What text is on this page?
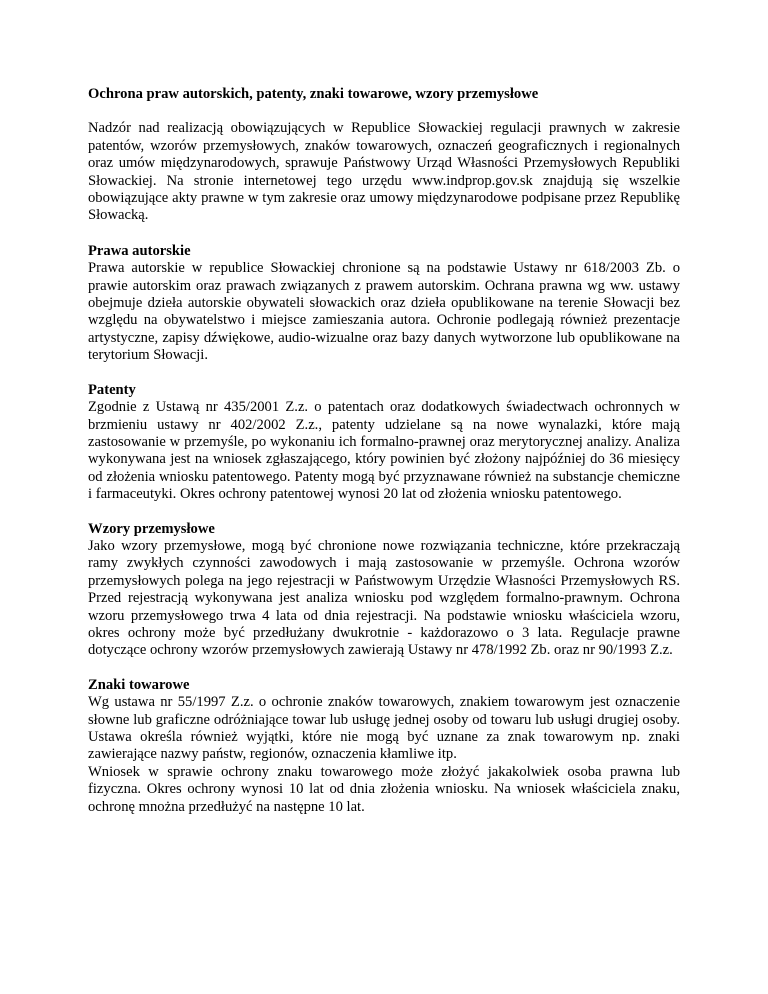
Ochrona praw autorskich, patenty, znaki towarowe, wzory przemysłowe
Nadzór nad realizacją obowiązujących w Republice Słowackiej regulacji prawnych w zakresie patentów, wzorów przemysłowych, znaków towarowych, oznaczeń geograficznych i regionalnych oraz umów międzynarodowych, sprawuje Państwowy Urząd Własności Przemysłowych Republiki Słowackiej. Na stronie internetowej tego urzędu www.indprop.gov.sk znajdują się wszelkie obowiązujące akty prawne w tym zakresie oraz umowy międzynarodowe podpisane przez Republikę Słowacką.
Prawa autorskie
Prawa autorskie w republice Słowackiej chronione są na podstawie Ustawy nr 618/2003 Zb. o prawie autorskim oraz prawach związanych z prawem autorskim. Ochrana prawna wg ww. ustawy obejmuje dzieła autorskie obywateli słowackich oraz dzieła opublikowane na terenie Słowacji bez względu na obywatelstwo i miejsce zamieszania autora. Ochronie podlegają również prezentacje artystyczne, zapisy dźwiękowe, audio-wizualne oraz bazy danych wytworzone lub opublikowane na terytorium Słowacji.
Patenty
Zgodnie z Ustawą nr 435/2001 Z.z. o patentach oraz dodatkowych świadectwach ochronnych w brzmieniu ustawy nr 402/2002 Z.z., patenty udzielane są na nowe wynalazki, które mają zastosowanie w przemyśle, po wykonaniu ich formalno-prawnej oraz merytorycznej analizy. Analiza wykonywana jest na wniosek zgłaszającego, który powinien być złożony najpóźniej do 36 miesięcy od złożenia wniosku patentowego. Patenty mogą być przyznawane również na substancje chemiczne i farmaceutyki. Okres ochrony patentowej wynosi 20 lat od złożenia wniosku patentowego.
Wzory przemysłowe
Jako wzory przemysłowe, mogą być chronione nowe rozwiązania techniczne, które przekraczają ramy zwykłych czynności zawodowych i mają zastosowanie w przemyśle. Ochrona wzorów przemysłowych polega na jego rejestracji w Państwowym Urzędzie Własności Przemysłowych RS. Przed rejestracją wykonywana jest analiza wniosku pod względem formalno-prawnym. Ochrona wzoru przemysłowego trwa 4 lata od dnia rejestracji. Na podstawie wniosku właściciela wzoru, okres ochrony może być przedłużany dwukrotnie - każdorazowo o 3 lata. Regulacje prawne dotyczące ochrony wzorów przemysłowych zawierają Ustawy nr 478/1992 Zb. oraz nr 90/1993 Z.z.
Znaki towarowe
Wg ustawa nr 55/1997 Z.z. o ochronie znaków towarowych, znakiem towarowym jest oznaczenie słowne lub graficzne odróżniające towar lub usługę jednej osoby od towaru lub usługi drugiej osoby. Ustawa określa również wyjątki, które nie mogą być uznane za znak towarowym np. znaki zawierające nazwy państw, regionów, oznaczenia kłamliwe itp.
Wniosek w sprawie ochrony znaku towarowego może złożyć jakakolwiek osoba prawna lub fizyczna. Okres ochrony wynosi 10 lat od dnia złożenia wniosku. Na wniosek właściciela znaku, ochronę mnożna przedłużyć na następne 10 lat.
